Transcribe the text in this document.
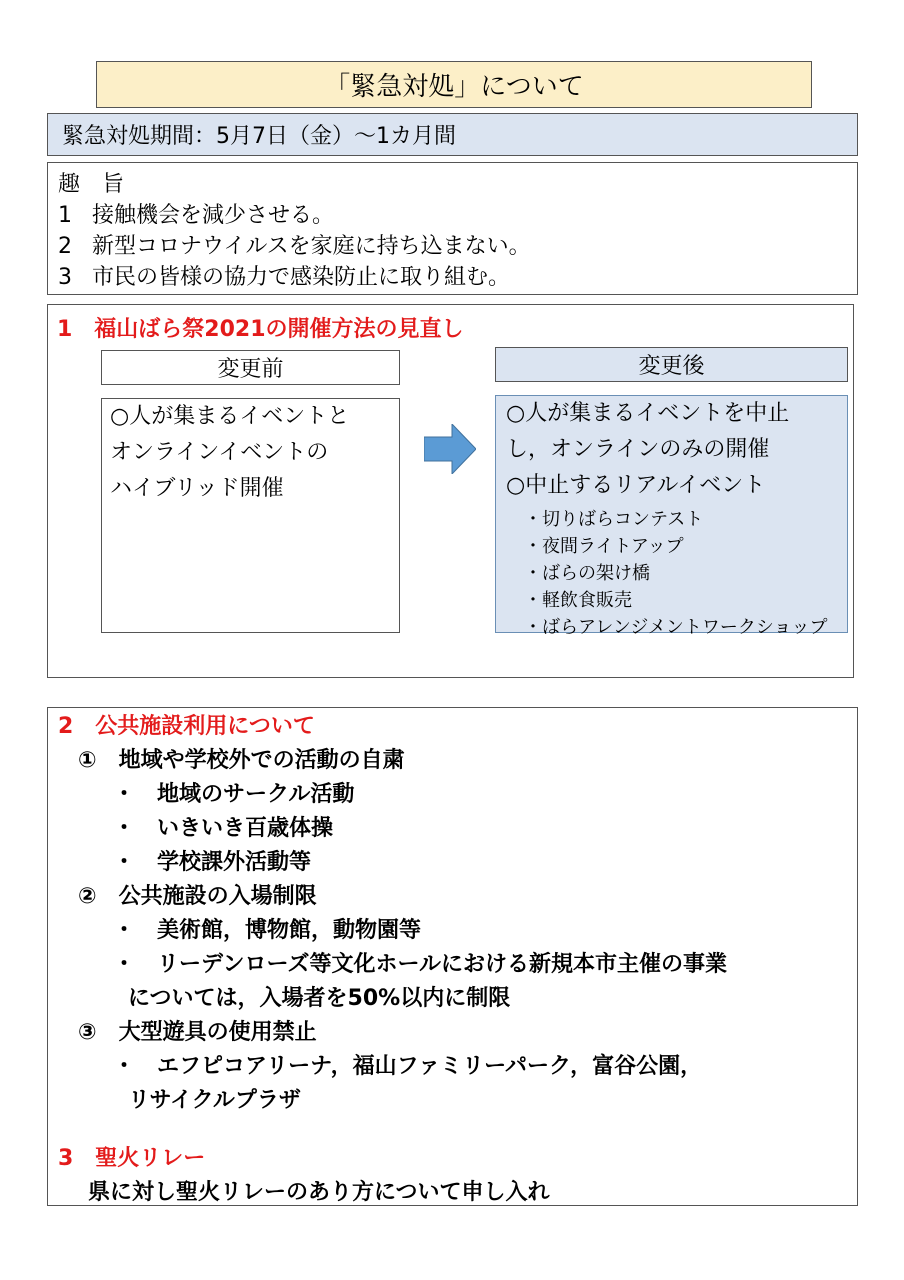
「緊急対処」について
緊急対処期間：5月7日（金）～1カ月間
趣　旨
1 接触機会を減少させる。
2 新型コロナウイルスを家庭に持ち込まない。
3 市民の皆様の協力で感染防止に取り組む。
1　福山ばら祭2021の開催方法の見直し
変更前	変更後
○人が集まるイベントと
オンラインイベントの
ハイブリッド開催
○人が集まるイベントを中止
し，オンラインのみの開催
○中止するリアルイベント
・切りばらコンテスト
・夜間ライトアップ
・ばらの架け橋
・軽飲食販売
・ばらアレンジメントワークショップ
2　公共施設利用について
①　地域や学校外での活動の自粛
・　地域のサークル活動
・　いきいき百歳体操
・　学校課外活動等
②　公共施設の入場制限
・　美術館，博物館，動物園等
・　リーデンローズ等文化ホールにおける新規本市主催の事業
については，入場者を50%以内に制限
③　大型遊具の使用禁止
・　エフピコアリーナ，福山ファミリーパーク，富谷公園，
リサイクルプラザ
3　聖火リレー
県に対し聖火リレーのあり方について申し入れ
